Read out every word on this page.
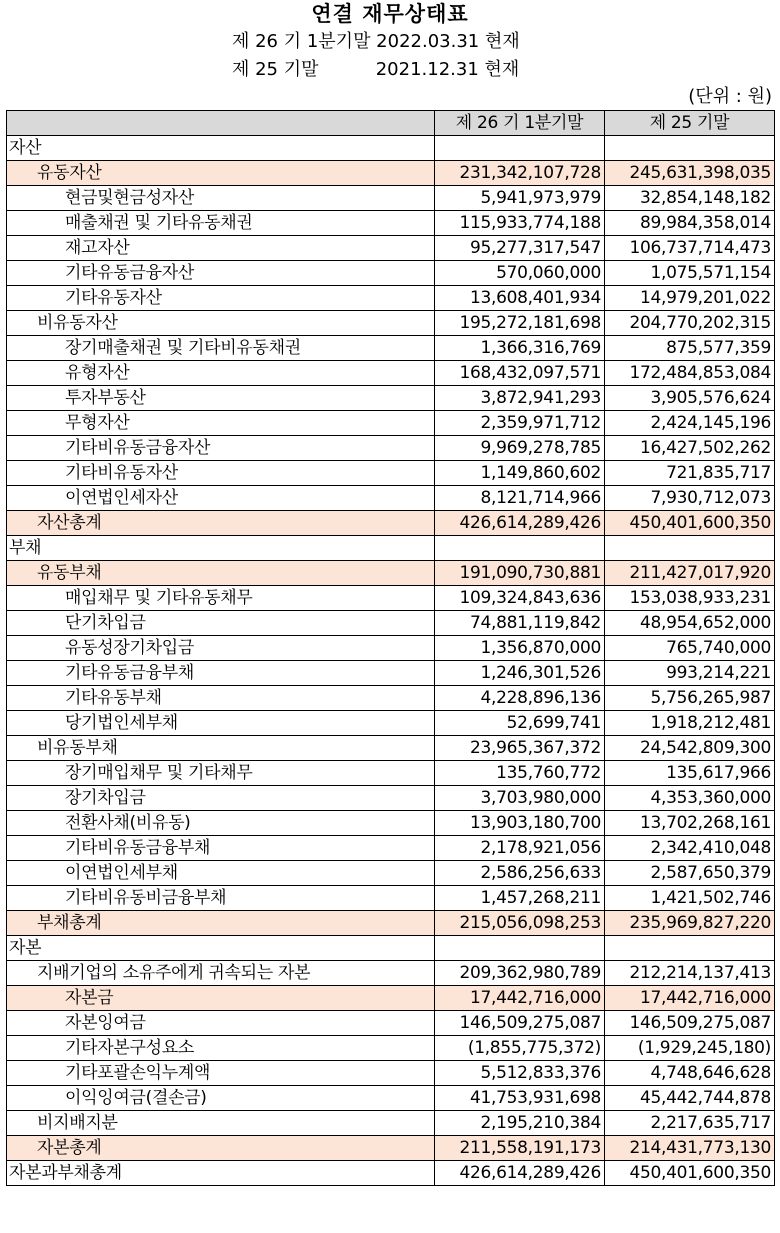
연결 재무상태표
제 26 기 1분기말 2022.03.31 현재
제 25 기말          2021.12.31 현재
(단위 : 원)
	제 26 기 1분기말	제 25 기말
자산		
유동자산	231,342,107,728	245,631,398,035
현금및현금성자산	5,941,973,979	32,854,148,182
매출채권 및 기타유동채권	115,933,774,188	89,984,358,014
재고자산	95,277,317,547	106,737,714,473
기타유동금융자산	570,060,000	1,075,571,154
기타유동자산	13,608,401,934	14,979,201,022
비유동자산	195,272,181,698	204,770,202,315
장기매출채권 및 기타비유동채권	1,366,316,769	875,577,359
유형자산	168,432,097,571	172,484,853,084
투자부동산	3,872,941,293	3,905,576,624
무형자산	2,359,971,712	2,424,145,196
기타비유동금융자산	9,969,278,785	16,427,502,262
기타비유동자산	1,149,860,602	721,835,717
이연법인세자산	8,121,714,966	7,930,712,073
자산총계	426,614,289,426	450,401,600,350
부채		
유동부채	191,090,730,881	211,427,017,920
매입채무 및 기타유동채무	109,324,843,636	153,038,933,231
단기차입금	74,881,119,842	48,954,652,000
유동성장기차입금	1,356,870,000	765,740,000
기타유동금융부채	1,246,301,526	993,214,221
기타유동부채	4,228,896,136	5,756,265,987
당기법인세부채	52,699,741	1,918,212,481
비유동부채	23,965,367,372	24,542,809,300
장기매입채무 및 기타채무	135,760,772	135,617,966
장기차입금	3,703,980,000	4,353,360,000
전환사채(비유동)	13,903,180,700	13,702,268,161
기타비유동금융부채	2,178,921,056	2,342,410,048
이연법인세부채	2,586,256,633	2,587,650,379
기타비유동비금융부채	1,457,268,211	1,421,502,746
부채총계	215,056,098,253	235,969,827,220
자본		
지배기업의 소유주에게 귀속되는 자본	209,362,980,789	212,214,137,413
자본금	17,442,716,000	17,442,716,000
자본잉여금	146,509,275,087	146,509,275,087
기타자본구성요소	(1,855,775,372)	(1,929,245,180)
기타포괄손익누계액	5,512,833,376	4,748,646,628
이익잉여금(결손금)	41,753,931,698	45,442,744,878
비지배지분	2,195,210,384	2,217,635,717
자본총계	211,558,191,173	214,431,773,130
자본과부채총계	426,614,289,426	450,401,600,350
